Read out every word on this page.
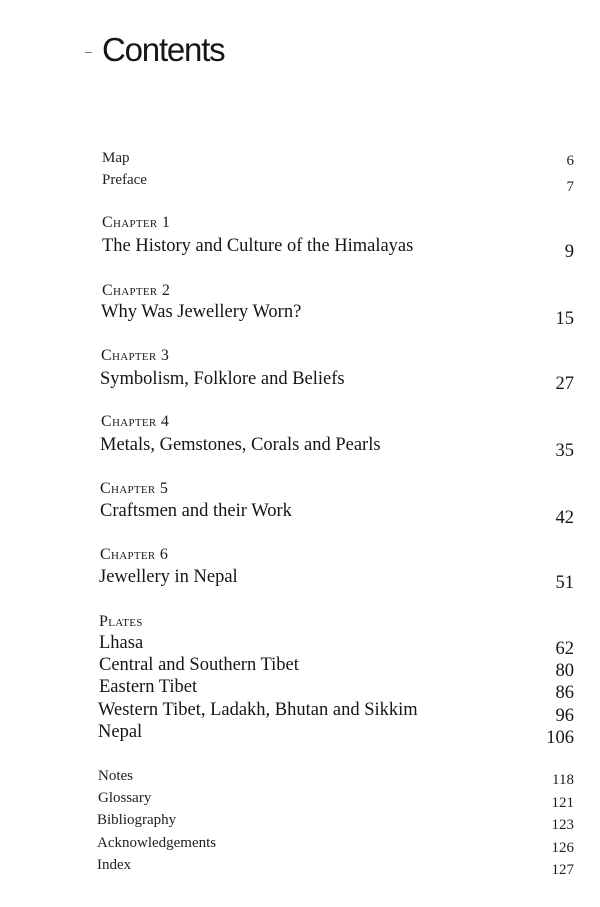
Contents
Map	6
Preface	7
Chapter 1
The History and Culture of the Himalayas	9
Chapter 2
Why Was Jewellery Worn?	15
Chapter 3
Symbolism, Folklore and Beliefs	27
Chapter 4
Metals, Gemstones, Corals and Pearls	35
Chapter 5
Craftsmen and their Work	42
Chapter 6
Jewellery in Nepal	51
Plates
Lhasa	62
Central and Southern Tibet	80
Eastern Tibet	86
Western Tibet, Ladakh, Bhutan and Sikkim	96
Nepal	106
Notes	118
Glossary	121
Bibliography	123
Acknowledgements	126
Index	127
